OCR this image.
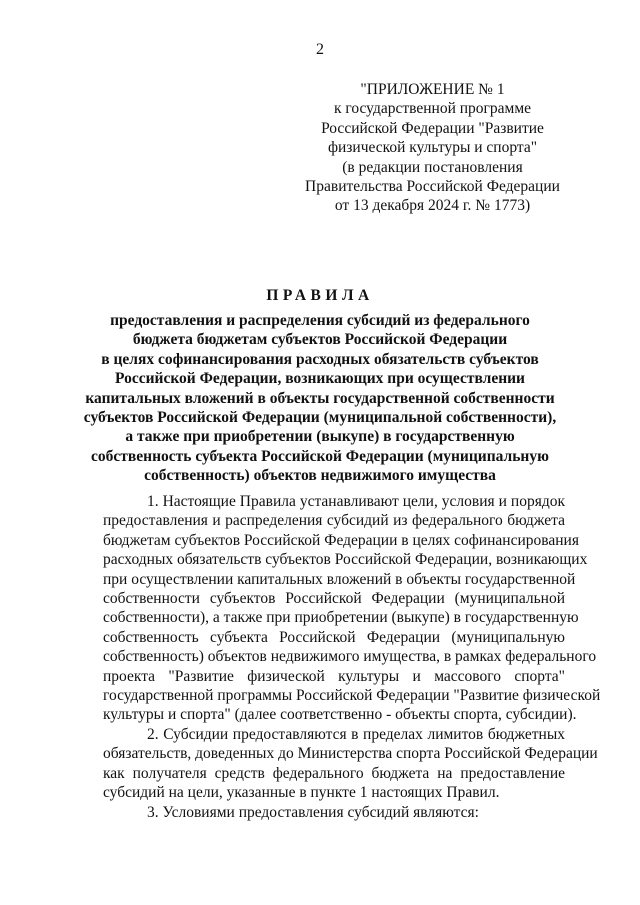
2
"ПРИЛОЖЕНИЕ № 1
к государственной программе
Российской Федерации "Развитие
физической культуры и спорта"
(в редакции постановления
Правительства Российской Федерации
от 13 декабря 2024 г. № 1773)
ПРАВИЛА
предоставления и распределения субсидий из федерального
бюджета бюджетам субъектов Российской Федерации
в целях софинансирования расходных обязательств субъектов
Российской Федерации, возникающих при осуществлении
капитальных вложений в объекты государственной собственности
субъектов Российской Федерации (муниципальной собственности),
а также при приобретении (выкупе) в государственную
собственность субъекта Российской Федерации (муниципальную
собственность) объектов недвижимого имущества
1. Настоящие Правила устанавливают цели, условия и порядок
предоставления и распределения субсидий из федерального бюджета
бюджетам субъектов Российской Федерации в целях софинансирования
расходных обязательств субъектов Российской Федерации, возникающих
при осуществлении капитальных вложений в объекты государственной
собственности субъектов Российской Федерации (муниципальной
собственности), а также при приобретении (выкупе) в государственную
собственность субъекта Российской Федерации (муниципальную
собственность) объектов недвижимого имущества, в рамках федерального
проекта "Развитие физической культуры и массового спорта"
государственной программы Российской Федерации "Развитие физической
культуры и спорта" (далее соответственно - объекты спорта, субсидии).
2. Субсидии предоставляются в пределах лимитов бюджетных
обязательств, доведенных до Министерства спорта Российской Федерации
как получателя средств федерального бюджета на предоставление
субсидий на цели, указанные в пункте 1 настоящих Правил.
3. Условиями предоставления субсидий являются:
